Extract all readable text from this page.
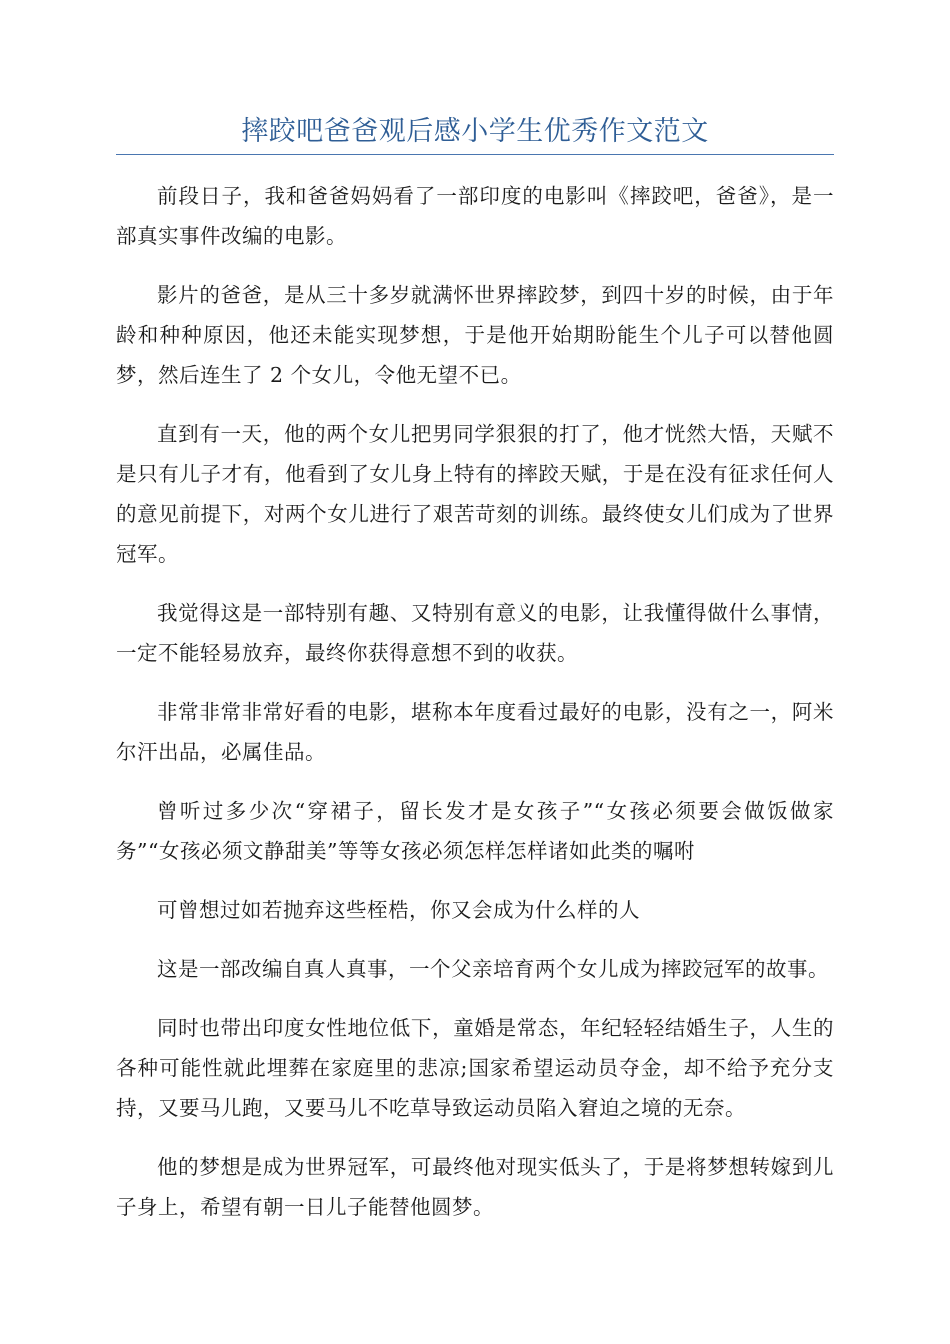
摔跤吧爸爸观后感小学生优秀作文范文

前段日子，我和爸爸妈妈看了一部印度的电影叫《摔跤吧，爸爸》，是一部真实事件改编的电影。

影片的爸爸，是从三十多岁就满怀世界摔跤梦，到四十岁的时候，由于年龄和种种原因，他还未能实现梦想，于是他开始期盼能生个儿子可以替他圆梦，然后连生了 2 个女儿，令他无望不已。

直到有一天，他的两个女儿把男同学狠狠的打了，他才恍然大悟，天赋不是只有儿子才有，他看到了女儿身上特有的摔跤天赋，于是在没有征求任何人的意见前提下，对两个女儿进行了艰苦苛刻的训练。最终使女儿们成为了世界冠军。

我觉得这是一部特别有趣、又特别有意义的电影，让我懂得做什么事情，一定不能轻易放弃，最终你获得意想不到的收获。

非常非常非常好看的电影，堪称本年度看过最好的电影，没有之一，阿米尔汗出品，必属佳品。

曾听过多少次“穿裙子，留长发才是女孩子”“女孩必须要会做饭做家务”“女孩必须文静甜美”等等女孩必须怎样怎样诸如此类的嘱咐

可曾想过如若抛弃这些桎梏，你又会成为什么样的人

这是一部改编自真人真事，一个父亲培育两个女儿成为摔跤冠军的故事。

同时也带出印度女性地位低下，童婚是常态，年纪轻轻结婚生子，人生的各种可能性就此埋葬在家庭里的悲凉;国家希望运动员夺金，却不给予充分支持，又要马儿跑，又要马儿不吃草导致运动员陷入窘迫之境的无奈。

他的梦想是成为世界冠军，可最终他对现实低头了，于是将梦想转嫁到儿子身上，希望有朝一日儿子能替他圆梦。
